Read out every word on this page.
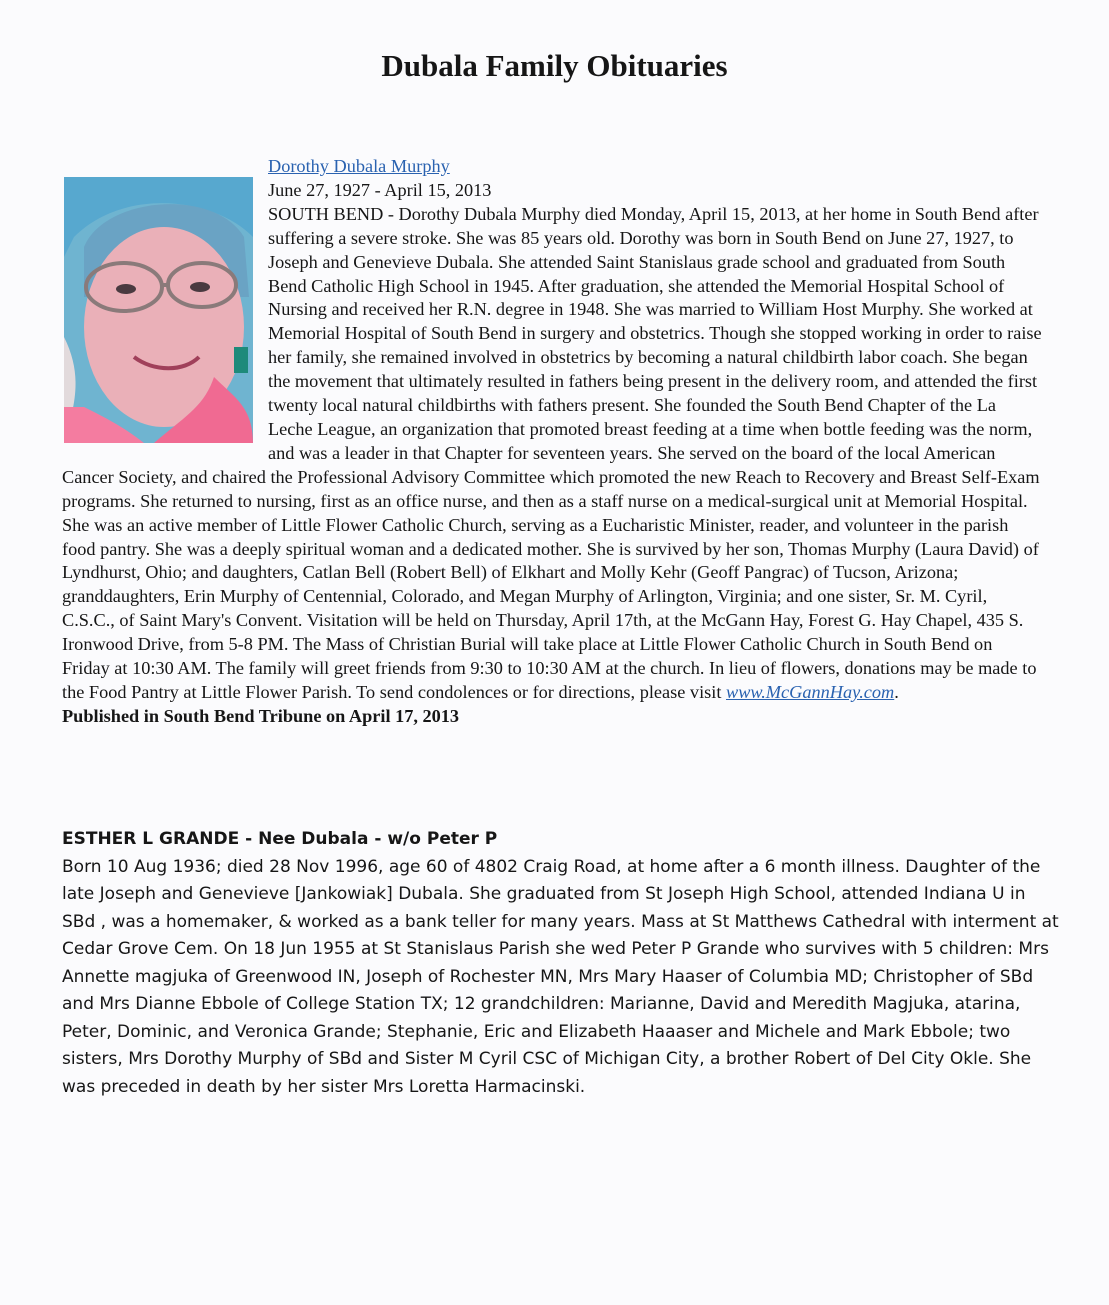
Dubala Family Obituaries

Dorothy Dubala Murphy

June 27, 1927 - April 15, 2013

SOUTH BEND - Dorothy Dubala Murphy died Monday, April 15, 2013, at her home in South Bend after suffering a severe stroke. She was 85 years old. Dorothy was born in South Bend on June 27, 1927, to Joseph and Genevieve Dubala. She attended Saint Stanislaus grade school and graduated from South Bend Catholic High School in 1945. After graduation, she attended the Memorial Hospital School of Nursing and received her R.N. degree in 1948. She was married to William Host Murphy. She worked at Memorial Hospital of South Bend in surgery and obstetrics. Though she stopped working in order to raise her family, she remained involved in obstetrics by becoming a natural childbirth labor coach. She began the movement that ultimately resulted in fathers being present in the delivery room, and attended the first twenty local natural childbirths with fathers present. She founded the South Bend Chapter of the La Leche League, an organization that promoted breast feeding at a time when bottle feeding was the norm, and was a leader in that Chapter for seventeen years. She served on the board of the local American Cancer Society, and chaired the Professional Advisory Committee which promoted the new Reach to Recovery and Breast Self-Exam programs. She returned to nursing, first as an office nurse, and then as a staff nurse on a medical-surgical unit at Memorial Hospital. She was an active member of Little Flower Catholic Church, serving as a Eucharistic Minister, reader, and volunteer in the parish food pantry. She was a deeply spiritual woman and a dedicated mother. She is survived by her son, Thomas Murphy (Laura David) of Lyndhurst, Ohio; and daughters, Catlan Bell (Robert Bell) of Elkhart and Molly Kehr (Geoff Pangrac) of Tucson, Arizona; granddaughters, Erin Murphy of Centennial, Colorado, and Megan Murphy of Arlington, Virginia; and one sister, Sr. M. Cyril, C.S.C., of Saint Mary's Convent. Visitation will be held on Thursday, April 17th, at the McGann Hay, Forest G. Hay Chapel, 435 S. Ironwood Drive, from 5-8 PM. The Mass of Christian Burial will take place at Little Flower Catholic Church in South Bend on Friday at 10:30 AM. The family will greet friends from 9:30 to 10:30 AM at the church. In lieu of flowers, donations may be made to the Food Pantry at Little Flower Parish. To send condolences or for directions, please visit www.McGannHay.com.

Published in South Bend Tribune on April 17, 2013

ESTHER L GRANDE - Nee Dubala - w/o Peter P

Born 10 Aug 1936; died 28 Nov 1996, age 60 of 4802 Craig Road, at home after a 6 month illness. Daughter of the late Joseph and Genevieve [Jankowiak] Dubala. She graduated from St Joseph High School, attended Indiana U in SBd , was a homemaker, & worked as a bank teller for many years. Mass at St Matthews Cathedral with interment at Cedar Grove Cem. On 18 Jun 1955 at St Stanislaus Parish she wed Peter P Grande who survives with 5 children: Mrs Annette magjuka of Greenwood IN, Joseph of Rochester MN, Mrs Mary Haaser of Columbia MD; Christopher of SBd and Mrs Dianne Ebbole of College Station TX; 12 grandchildren: Marianne, David and Meredith Magjuka, atarina, Peter, Dominic, and Veronica Grande; Stephanie, Eric and Elizabeth Haaaser and Michele and Mark Ebbole; two sisters, Mrs Dorothy Murphy of SBd and Sister M Cyril CSC of Michigan City, a brother Robert of Del City Okle. She was preceded in death by her sister Mrs Loretta Harmacinski.
